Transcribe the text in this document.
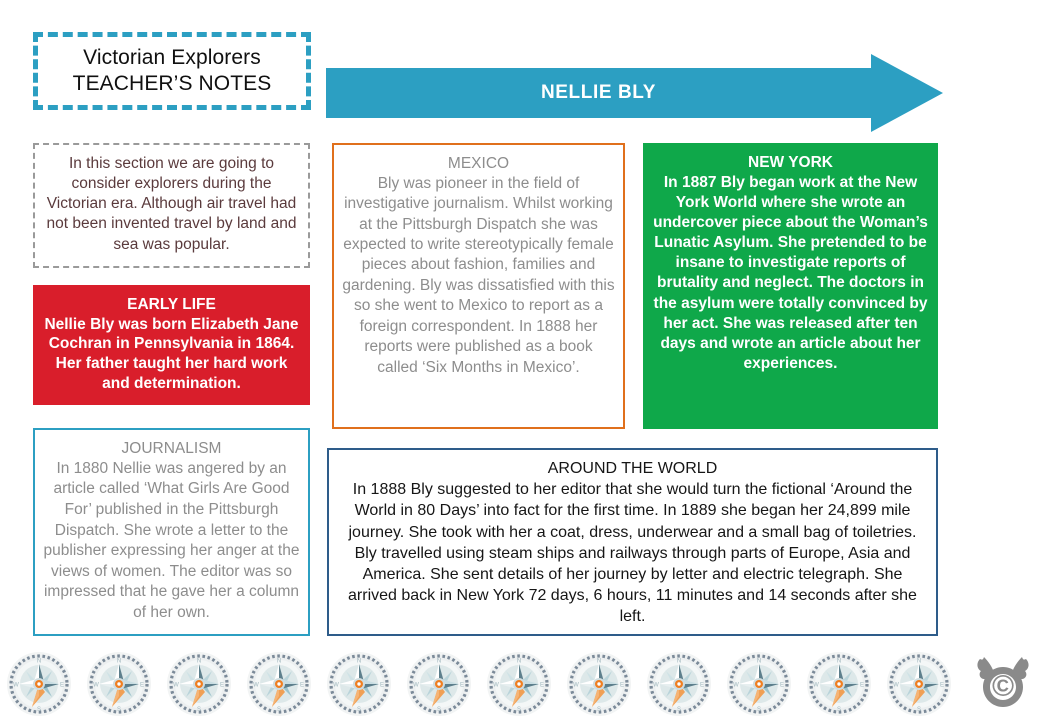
Victorian Explorers
TEACHER’S NOTES	NELLIE BLY
In this section we are going to consider explorers during the Victorian era. Although air travel had not been invented travel by land and sea was popular.
EARLY LIFE
Nellie Bly was born Elizabeth Jane Cochran in Pennsylvania in 1864. Her father taught her hard work and determination.
MEXICO
Bly was pioneer in the field of investigative journalism. Whilst working at the Pittsburgh Dispatch she was expected to write stereotypically female pieces about fashion, families and gardening. Bly was dissatisfied with this so she went to Mexico to report as a foreign correspondent. In 1888 her reports were published as a book called ‘Six Months in Mexico’.
NEW YORK
In 1887 Bly began work at the New York World where she wrote an undercover piece about the Woman’s Lunatic Asylum. She pretended to be insane to investigate reports of brutality and neglect. The doctors in the asylum were totally convinced by her act. She was released after ten days and wrote an article about her experiences.
JOURNALISM
In 1880 Nellie was angered by an article called ‘What Girls Are Good For’ published in the Pittsburgh Dispatch. She wrote a letter to the publisher expressing her anger at the views of women. The editor was so impressed that he gave her a column of her own.
AROUND THE WORLD
In 1888 Bly suggested to her editor that she would turn the fictional ‘Around the World in 80 Days’ into fact for the first time. In 1889 she began her 24,899 mile journey. She took with her a coat, dress, underwear and a small bag of toiletries. Bly travelled using steam ships and railways through parts of Europe, Asia and America. She sent details of her journey by letter and electric telegraph. She arrived back in New York 72 days, 6 hours, 11 minutes and 14 seconds after she left.
N
E
S
W
N
E
S
W
N
E
S
W
N
E
S
W
N
E
S
W
N
E
S
W
N
E
S
W
N
E
S
W
N
E
S
W
N
E
S
W
N
E
S
W
N
E
S
W	©
